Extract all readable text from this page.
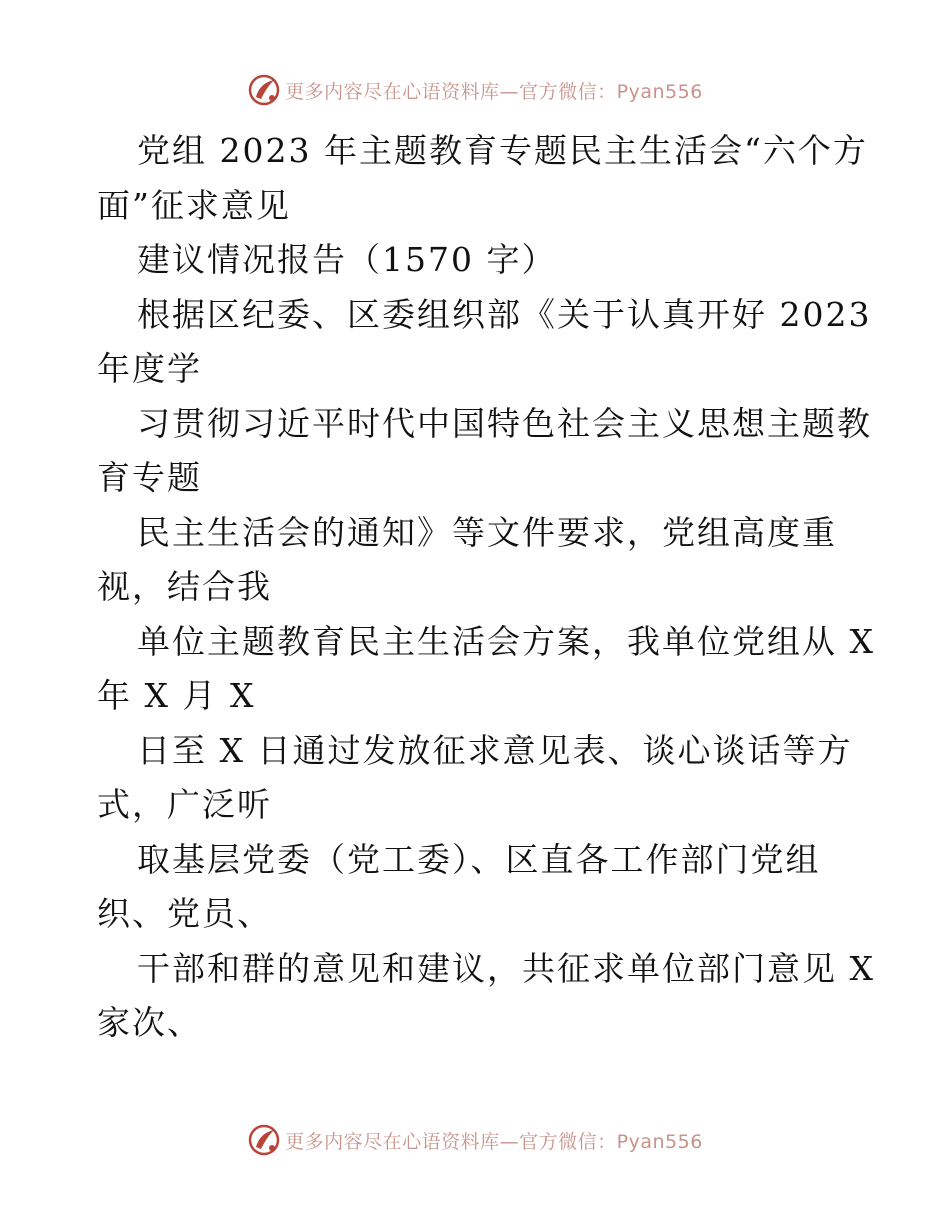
更多内容尽在心语资料库—官方微信：Pyan556
党组 2023 年主题教育专题民主生活会“六个方
面”征求意见
建议情况报告（1570 字）
根据区纪委、区委组织部《关于认真开好 2023
年度学
习贯彻习近平时代中国特色社会主义思想主题教
育专题
民主生活会的通知》等文件要求，党组高度重
视，结合我
单位主题教育民主生活会方案，我单位党组从 X
年 X 月 X
日至 X 日通过发放征求意见表、谈心谈话等方
式，广泛听
取基层党委（党工委）、区直各工作部门党组
织、党员、
干部和群的意见和建议，共征求单位部门意见 X
家次、
更多内容尽在心语资料库—官方微信：Pyan556
